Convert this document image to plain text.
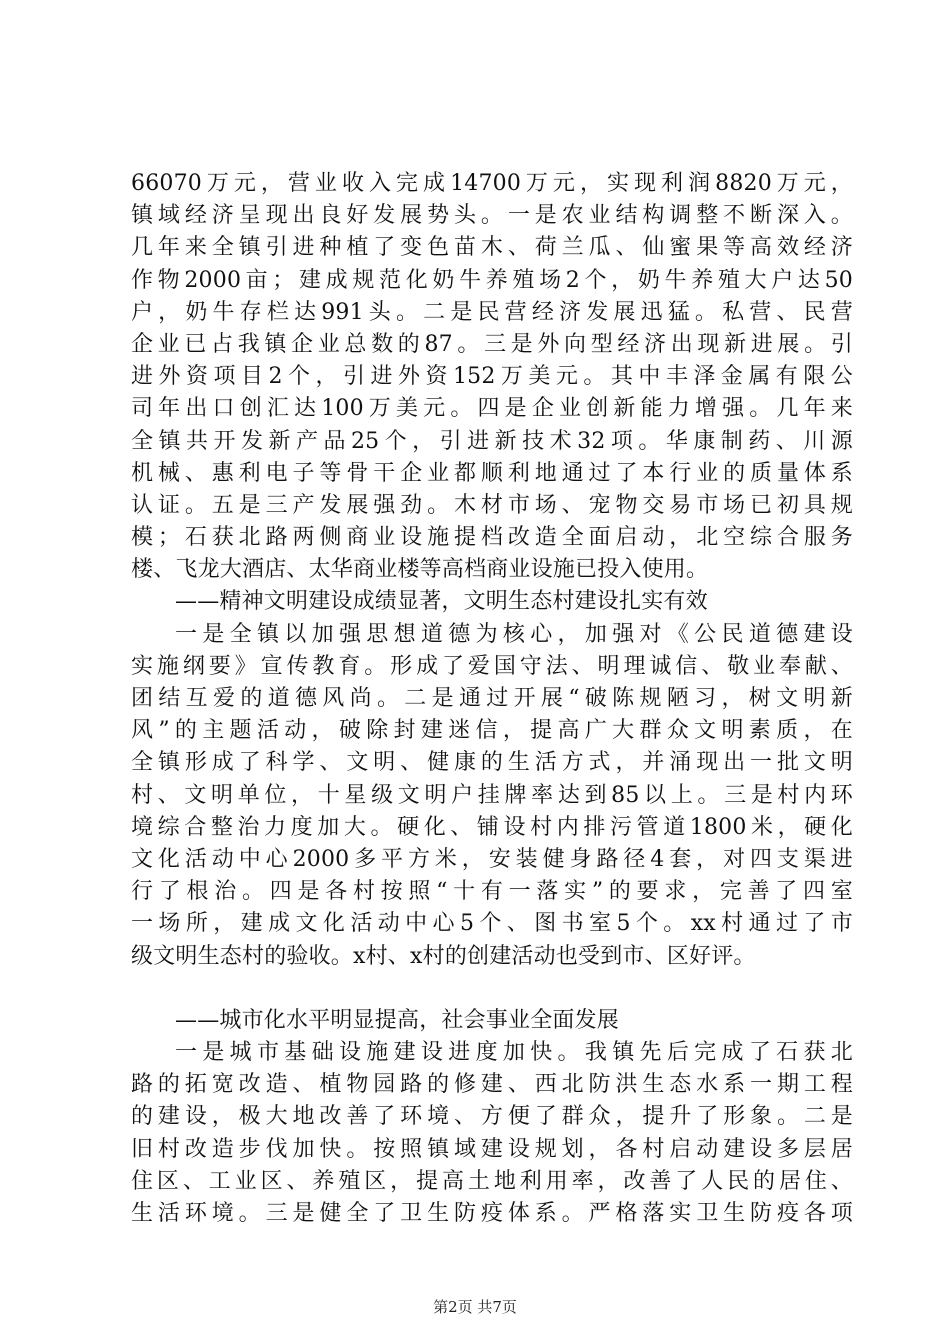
66070万元，营业收入完成14700万元，实现利润8820万元，
镇域经济呈现出良好发展势头。一是农业结构调整不断深入。
几年来全镇引进种植了变色苗木、荷兰瓜、仙蜜果等高效经济
作物2000亩；建成规范化奶牛养殖场2个，奶牛养殖大户达50
户，奶牛存栏达991头。二是民营经济发展迅猛。私营、民营
企业已占我镇企业总数的87。三是外向型经济出现新进展。引
进外资项目2个，引进外资152万美元。其中丰泽金属有限公
司年出口创汇达100万美元。四是企业创新能力增强。几年来
全镇共开发新产品25个，引进新技术32项。华康制药、川源
机械、惠利电子等骨干企业都顺利地通过了本行业的质量体系
认证。五是三产发展强劲。木材市场、宠物交易市场已初具规
模；石获北路两侧商业设施提档改造全面启动，北空综合服务
楼、飞龙大酒店、太华商业楼等高档商业设施已投入使用。
——精神文明建设成绩显著，文明生态村建设扎实有效
一是全镇以加强思想道德为核心，加强对《公民道德建设
实施纲要》宣传教育。形成了爱国守法、明理诚信、敬业奉献、
团结互爱的道德风尚。二是通过开展“破陈规陋习，树文明新
风”的主题活动，破除封建迷信，提高广大群众文明素质，在
全镇形成了科学、文明、健康的生活方式，并涌现出一批文明
村、文明单位，十星级文明户挂牌率达到85以上。三是村内环
境综合整治力度加大。硬化、铺设村内排污管道1800米，硬化
文化活动中心2000多平方米，安装健身路径4套，对四支渠进
行了根治。四是各村按照“十有一落实”的要求，完善了四室
一场所，建成文化活动中心5个、图书室5个。xx村通过了市
级文明生态村的验收。x村、x村的创建活动也受到市、区好评。
——城市化水平明显提高，社会事业全面发展
一是城市基础设施建设进度加快。我镇先后完成了石获北
路的拓宽改造、植物园路的修建、西北防洪生态水系一期工程
的建设，极大地改善了环境、方便了群众，提升了形象。二是
旧村改造步伐加快。按照镇域建设规划，各村启动建设多层居
住区、工业区、养殖区，提高土地利用率，改善了人民的居住、
生活环境。三是健全了卫生防疫体系。严格落实卫生防疫各项
第2页 共7页
